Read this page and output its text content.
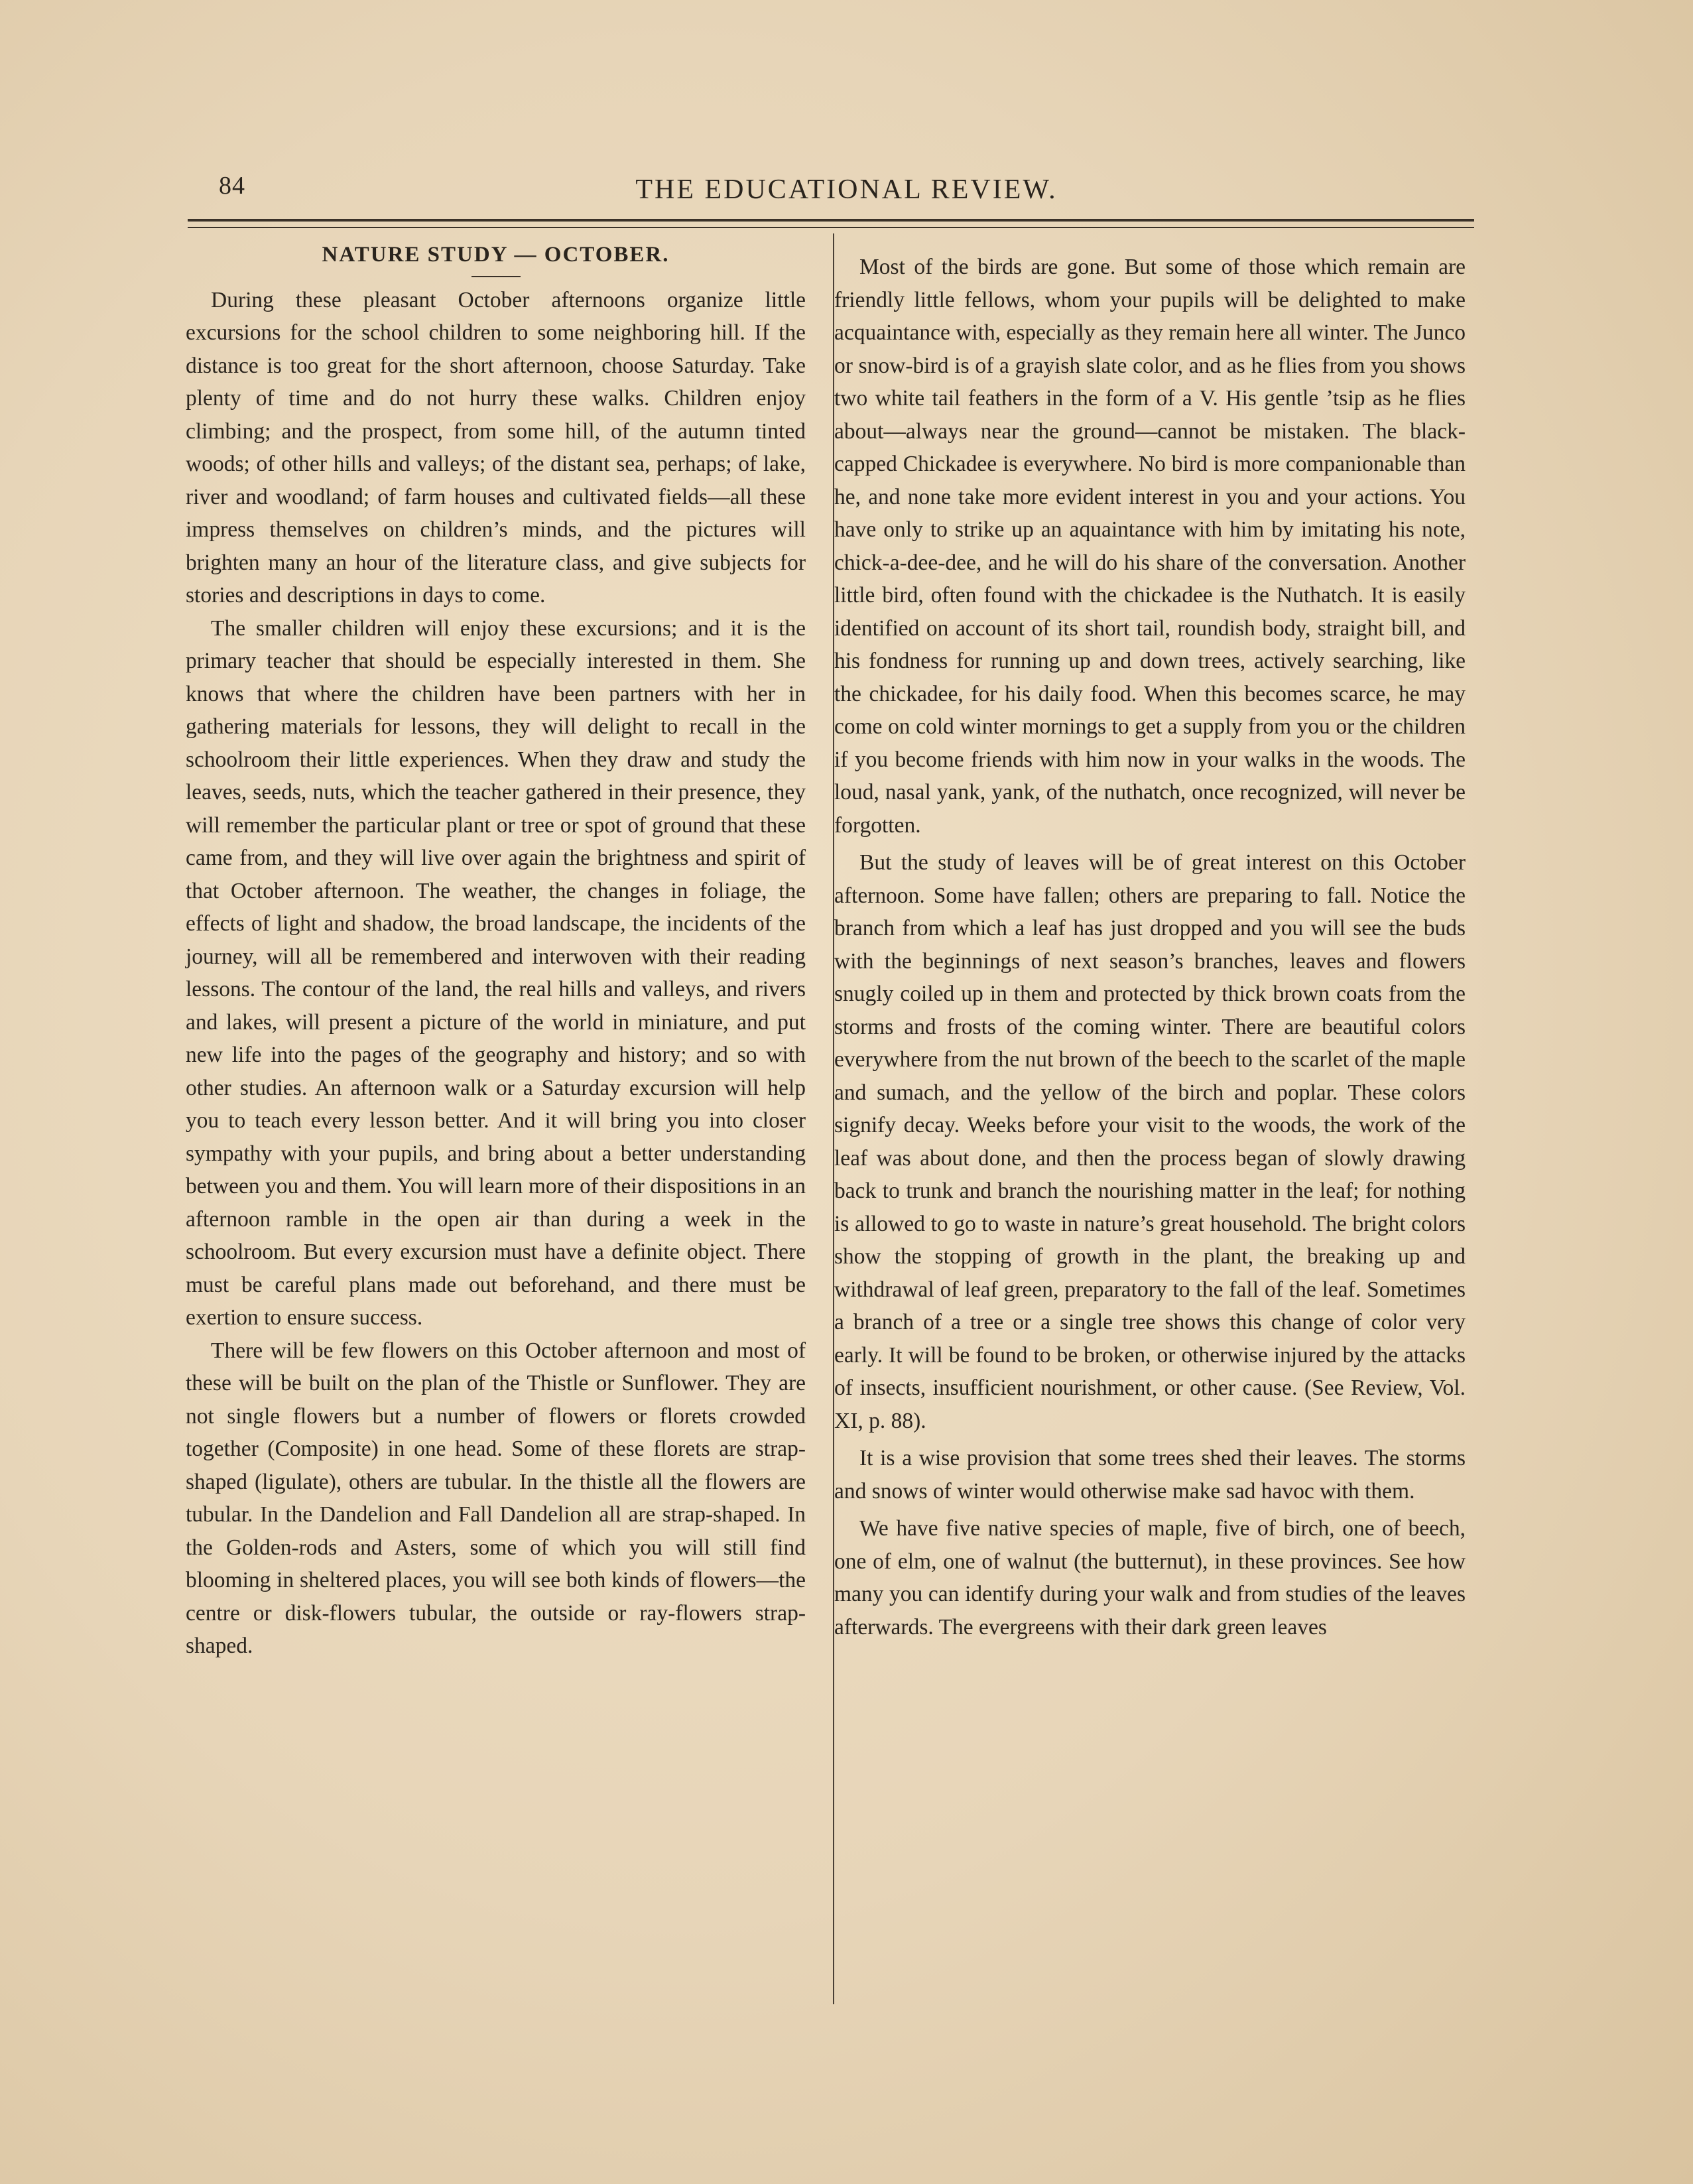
84	THE EDUCATIONAL REVIEW.

NATURE STUDY — OCTOBER.

During these pleasant October afternoons organize little excursions for the school children to some neighboring hill. If the distance is too great for the short afternoon, choose Saturday. Take plenty of time and do not hurry these walks. Children enjoy climbing; and the prospect, from some hill, of the autumn tinted woods; of other hills and valleys; of the distant sea, perhaps; of lake, river and woodland; of farm houses and cultivated fields—all these impress themselves on children’s minds, and the pictures will brighten many an hour of the literature class, and give subjects for stories and descriptions in days to come.

The smaller children will enjoy these excursions; and it is the primary teacher that should be especially interested in them. She knows that where the children have been partners with her in gathering materials for lessons, they will delight to recall in the schoolroom their little experiences. When they draw and study the leaves, seeds, nuts, which the teacher gathered in their presence, they will remember the particular plant or tree or spot of ground that these came from, and they will live over again the brightness and spirit of that October afternoon. The weather, the changes in foliage, the effects of light and shadow, the broad landscape, the incidents of the journey, will all be remembered and interwoven with their reading lessons. The contour of the land, the real hills and valleys, and rivers and lakes, will present a picture of the world in miniature, and put new life into the pages of the geography and history; and so with other studies. An afternoon walk or a Saturday excursion will help you to teach every lesson better. And it will bring you into closer sympathy with your pupils, and bring about a better understanding between you and them. You will learn more of their dispositions in an afternoon ramble in the open air than during a week in the schoolroom. But every excursion must have a definite object. There must be careful plans made out beforehand, and there must be exertion to ensure success.

There will be few flowers on this October afternoon and most of these will be built on the plan of the Thistle or Sunflower. They are not single flowers but a number of flowers or florets crowded together (Composite) in one head. Some of these florets are strap-shaped (ligulate), others are tubular. In the thistle all the flowers are tubular. In the Dandelion and Fall Dandelion all are strap-shaped. In the Golden-rods and Asters, some of which you will still find blooming in sheltered places, you will see both kinds of flowers—the centre or disk-flowers tubular, the outside or ray-flowers strap-shaped.

Most of the birds are gone. But some of those which remain are friendly little fellows, whom your pupils will be delighted to make acquaintance with, especially as they remain here all winter. The Junco or snow-bird is of a grayish slate color, and as he flies from you shows two white tail feathers in the form of a V. His gentle ’tsip as he flies about—always near the ground—cannot be mistaken. The black-capped Chickadee is everywhere. No bird is more companionable than he, and none take more evident interest in you and your actions. You have only to strike up an aquaintance with him by imitating his note, chick-a-dee-dee, and he will do his share of the conversation. Another little bird, often found with the chickadee is the Nuthatch. It is easily identified on account of its short tail, roundish body, straight bill, and his fondness for running up and down trees, actively searching, like the chickadee, for his daily food. When this becomes scarce, he may come on cold winter mornings to get a supply from you or the children if you become friends with him now in your walks in the woods. The loud, nasal yank, yank, of the nuthatch, once recognized, will never be forgotten.

But the study of leaves will be of great interest on this October afternoon. Some have fallen; others are preparing to fall. Notice the branch from which a leaf has just dropped and you will see the buds with the beginnings of next season’s branches, leaves and flowers snugly coiled up in them and protected by thick brown coats from the storms and frosts of the coming winter. There are beautiful colors everywhere from the nut brown of the beech to the scarlet of the maple and sumach, and the yellow of the birch and poplar. These colors signify decay. Weeks before your visit to the woods, the work of the leaf was about done, and then the process began of slowly drawing back to trunk and branch the nourishing matter in the leaf; for nothing is allowed to go to waste in nature’s great household. The bright colors show the stopping of growth in the plant, the breaking up and withdrawal of leaf green, preparatory to the fall of the leaf. Sometimes a branch of a tree or a single tree shows this change of color very early. It will be found to be broken, or otherwise injured by the attacks of insects, insufficient nourishment, or other cause. (See Review, Vol. XI, p. 88).

It is a wise provision that some trees shed their leaves. The storms and snows of winter would otherwise make sad havoc with them.

We have five native species of maple, five of birch, one of beech, one of elm, one of walnut (the butternut), in these provinces. See how many you can identify during your walk and from studies of the leaves afterwards. The evergreens with their dark green leaves
